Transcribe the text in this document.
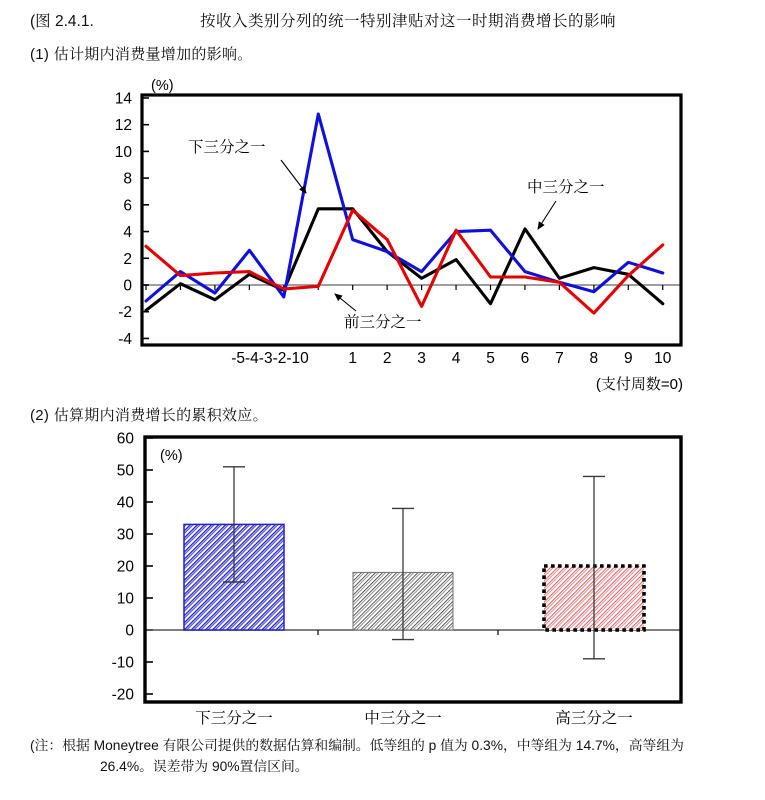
(图 2.4.1.	按收入类别分列的统一特别津贴对这一时期消费增长的影响
(1) 估计期内消费量增加的影响。
(2) 估算期内消费增长的累积效应。
(%)
14
12
10
8
6
4
2
0
-2
-4
-5-4-3-2-10	1 2 3 4 5 6 7 8 9 10
(支付周数=0)
下三分之一
中三分之一
前三分之一
(%)
60
50
40
30
20
10
0
-10
-20
下三分之一	中三分之一	高三分之一
(注：根据 Moneytree 有限公司提供的数据估算和编制。低等组的 p 值为 0.3%，中等组为 14.7%，高等组为
26.4%。误差带为 90%置信区间。
